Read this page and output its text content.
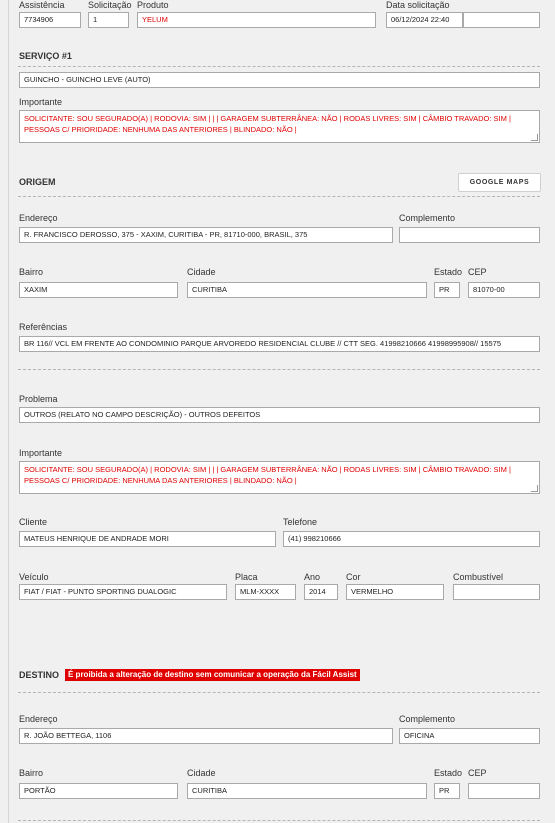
Assistência	Solicitação Produto	Data solicitação
7734906	1	YELUM	06/12/2024 22:40
SERVIÇO #1
GUINCHO - GUINCHO LEVE (AUTO)
Importante
SOLICITANTE: SOU SEGURADO(A) | RODOVIA: SIM | | | GARAGEM SUBTERRÂNEA: NÃO | RODAS LIVRES: SIM | CÂMBIO TRAVADO: SIM | PESSOAS C/ PRIORIDADE: NENHUMA DAS ANTERIORES | BLINDADO: NÃO |
ORIGEM	GOOGLE MAPS
Endereço	Complemento
R. FRANCISCO DEROSSO, 375 - XAXIM, CURITIBA - PR, 81710-000, BRASIL, 375
Bairro	Cidade	Estado CEP
XAXIM	CURITIBA	PR	81070-00
Referências
BR 116// VCL EM FRENTE AO CONDOMINIO PARQUE ARVOREDO RESIDENCIAL CLUBE // CTT SEG. 41998210666 41998995908// 15575
Problema
OUTROS (RELATO NO CAMPO DESCRIÇÃO) - OUTROS DEFEITOS
Importante
SOLICITANTE: SOU SEGURADO(A) | RODOVIA: SIM | | | GARAGEM SUBTERRÂNEA: NÃO | RODAS LIVRES: SIM | CÂMBIO TRAVADO: SIM | PESSOAS C/ PRIORIDADE: NENHUMA DAS ANTERIORES | BLINDADO: NÃO |
Cliente	Telefone
MATEUS HENRIQUE DE ANDRADE MORI	(41) 998210666
Veículo	Placa	Ano	Cor	Combustível
FIAT / FIAT - PUNTO SPORTING DUALOGIC	MLM-XXXX	2014	VERMELHO
DESTINO	É proibida a alteração de destino sem comunicar a operação da Fácil Assist
Endereço	Complemento
R. JOÃO BETTEGA, 1106	OFICINA
Bairro	Cidade	Estado CEP
PORTÃO	CURITIBA	PR
